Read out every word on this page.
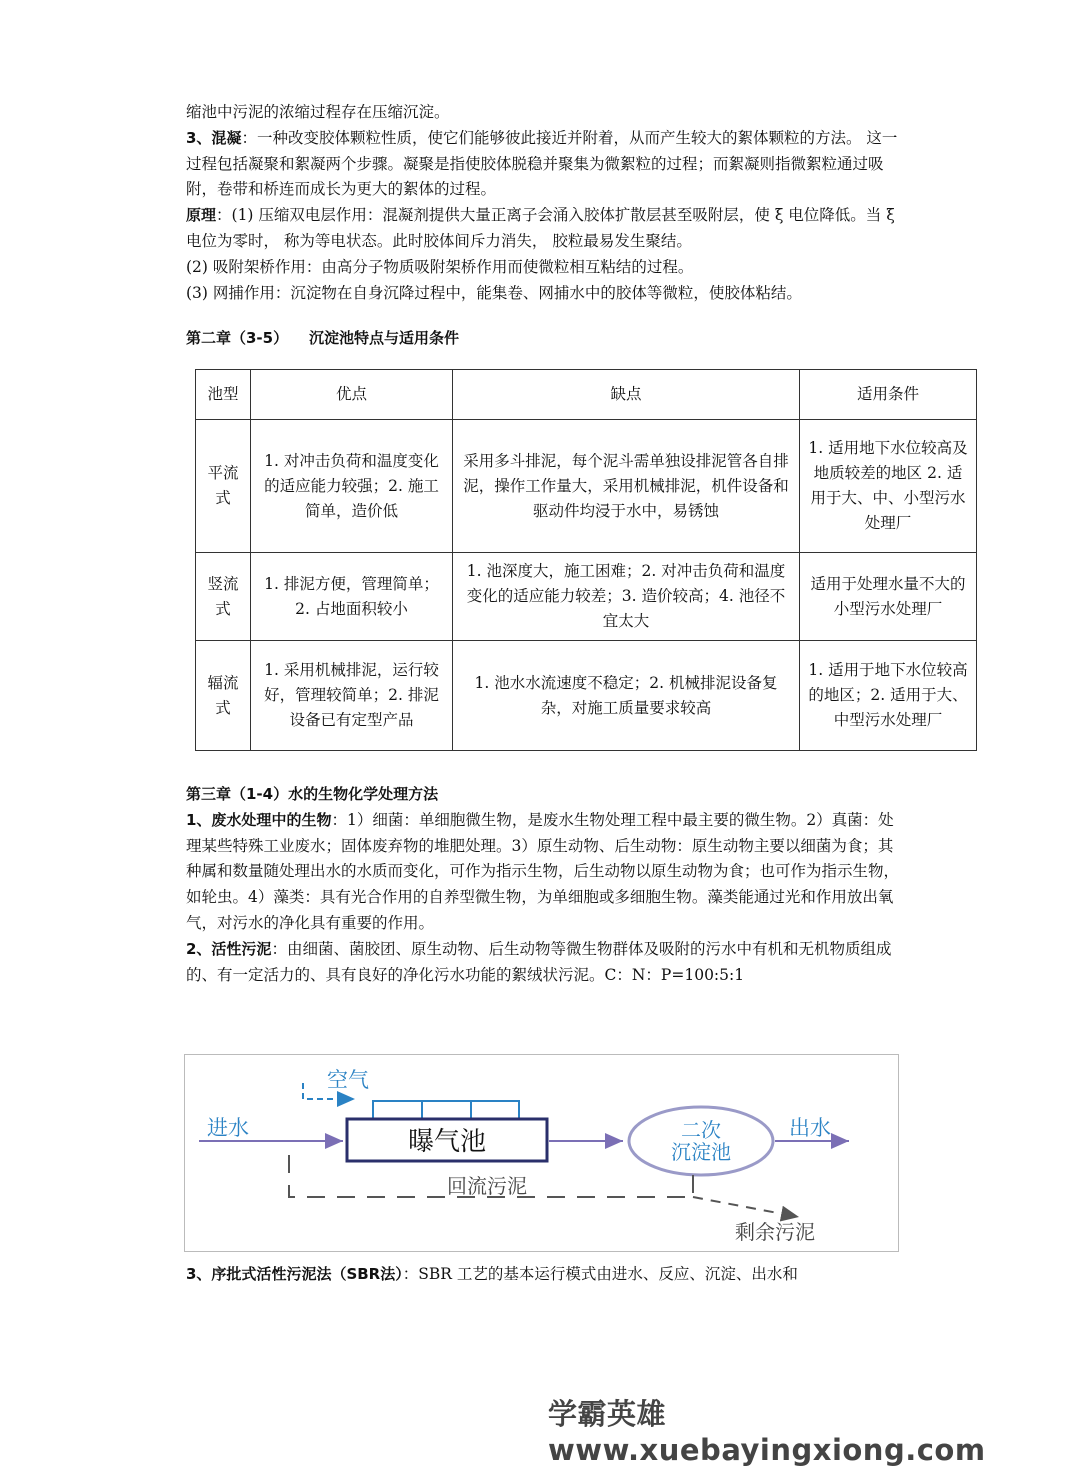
缩池中污泥的浓缩过程存在压缩沉淀。

3、混凝：一种改变胶体颗粒性质，使它们能够彼此接近并附着，从而产生较大的絮体颗粒的方法。 这一过程包括凝聚和絮凝两个步骤。凝聚是指使胶体脱稳并聚集为微絮粒的过程；而絮凝则指微絮粒通过吸附，卷带和桥连而成长为更大的絮体的过程。

原理：(1) 压缩双电层作用：混凝剂提供大量正离子会涌入胶体扩散层甚至吸附层，使 ξ 电位降低。当 ξ 电位为零时， 称为等电状态。此时胶体间斥力消失， 胶粒最易发生聚结。

(2) 吸附架桥作用：由高分子物质吸附架桥作用而使微粒相互粘结的过程。

(3) 网捕作用：沉淀物在自身沉降过程中，能集卷、网捕水中的胶体等微粒，使胶体粘结。

第二章（3-5）    沉淀池特点与适用条件

池型	优点	缺点	适用条件
平流式	1. 对冲击负荷和温度变化的适应能力较强；2. 施工简单，造价低	采用多斗排泥，每个泥斗需单独设排泥管各自排泥，操作工作量大，采用机械排泥，机件设备和驱动件均浸于水中，易锈蚀	1. 适用地下水位较高及地质较差的地区 2. 适用于大、中、小型污水处理厂
竖流式	1. 排泥方便，管理简单；2. 占地面积较小	1. 池深度大，施工困难；2. 对冲击负荷和温度变化的适应能力较差；3. 造价较高；4. 池径不宜太大	适用于处理水量不大的小型污水处理厂
辐流式	1. 采用机械排泥，运行较好，管理较简单；2. 排泥设备已有定型产品	1. 池水水流速度不稳定；2. 机械排泥设备复杂，对施工质量要求较高	1. 适用于地下水位较高的地区；2. 适用于大、中型污水处理厂

第三章（1-4）水的生物化学处理方法

1、废水处理中的生物：1）细菌：单细胞微生物，是废水生物处理工程中最主要的微生物。2）真菌：处理某些特殊工业废水；固体废弃物的堆肥处理。3）原生动物、后生动物：原生动物主要以细菌为食；其种属和数量随处理出水的水质而变化，可作为指示生物，后生动物以原生动物为食；也可作为指示生物，如轮虫。4）藻类：具有光合作用的自养型微生物，为单细胞或多细胞生物。藻类能通过光和作用放出氧气，对污水的净化具有重要的作用。

2、活性污泥：由细菌、菌胶团、原生动物、后生动物等微生物群体及吸附的污水中有机和无机物质组成的、有一定活力的、具有良好的净化污水功能的絮绒状污泥。C：N：P=100:5:1

空气
进水	曝气池	二次
沉淀池
出水
回流污泥
剩余污泥

3、序批式活性污泥法（SBR法）：SBR 工艺的基本运行模式由进水、反应、沉淀、出水和

学霸英雄 www.xuebayingxiong.com
